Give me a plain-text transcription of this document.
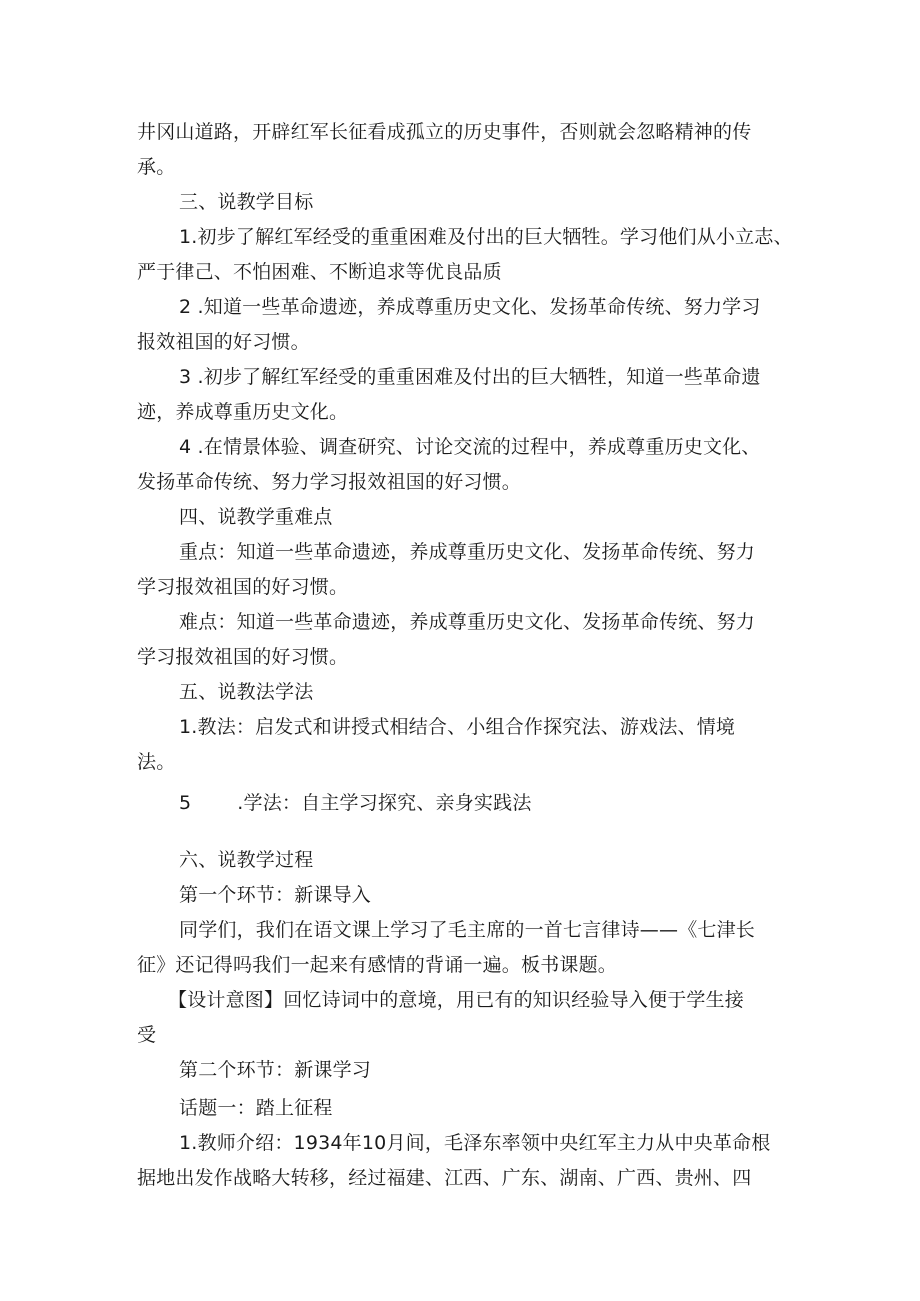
井冈山道路，开辟红军长征看成孤立的历史事件，否则就会忽略精神的传
承。
三、说教学目标
1.初步了解红军经受的重重困难及付出的巨大牺牲。学习他们从小立志、
严于律己、不怕困难、不断追求等优良品质
2 .知道一些革命遗迹，养成尊重历史文化、发扬革命传统、努力学习
报效祖国的好习惯。
3 .初步了解红军经受的重重困难及付出的巨大牺牲，知道一些革命遗
迹，养成尊重历史文化。
4 .在情景体验、调查研究、讨论交流的过程中，养成尊重历史文化、
发扬革命传统、努力学习报效祖国的好习惯。
四、说教学重难点
重点：知道一些革命遗迹，养成尊重历史文化、发扬革命传统、努力
学习报效祖国的好习惯。
难点：知道一些革命遗迹，养成尊重历史文化、发扬革命传统、努力
学习报效祖国的好习惯。
五、说教法学法
1.教法：启发式和讲授式相结合、小组合作探究法、游戏法、情境
法。
5 .学法：自主学习探究、亲身实践法
六、说教学过程
第一个环节：新课导入
同学们，我们在语文课上学习了毛主席的一首七言律诗——《七津长
征》还记得吗我们一起来有感情的背诵一遍。板书课题。
【设计意图】回忆诗词中的意境，用已有的知识经验导入便于学生接
受
第二个环节：新课学习
话题一：踏上征程
1.教师介绍：1934年10月间，毛泽东率领中央红军主力从中央革命根
据地出发作战略大转移，经过福建、江西、广东、湖南、广西、贵州、四
